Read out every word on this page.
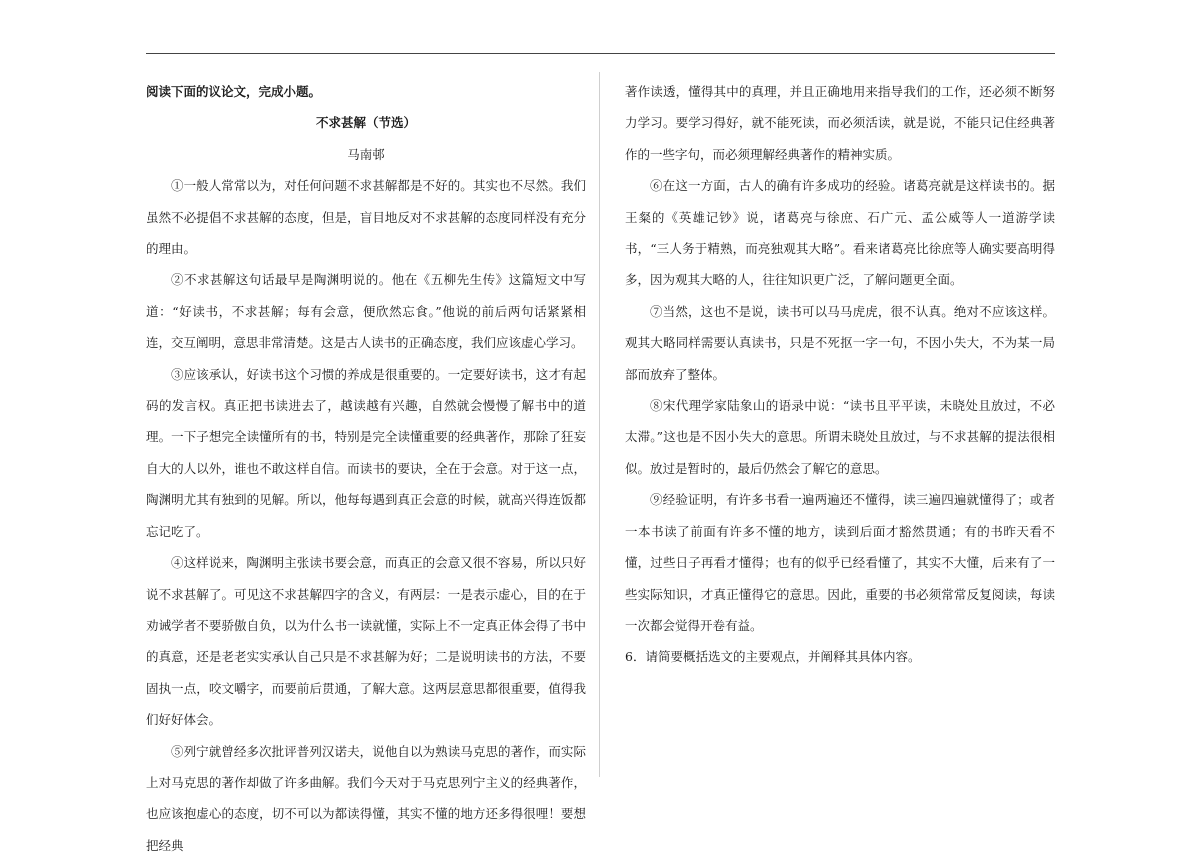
阅读下面的议论文，完成小题。

不求甚解（节选）

马南邨

①一般人常常以为，对任何问题不求甚解都是不好的。其实也不尽然。我们虽然不必提倡不求甚解的态度，但是，盲目地反对不求甚解的态度同样没有充分的理由。

②不求甚解这句话最早是陶渊明说的。他在《五柳先生传》这篇短文中写道：“好读书，不求甚解；每有会意，便欣然忘食。”他说的前后两句话紧紧相连，交互阐明，意思非常清楚。这是古人读书的正确态度，我们应该虚心学习。

③应该承认，好读书这个习惯的养成是很重要的。一定要好读书，这才有起码的发言权。真正把书读进去了，越读越有兴趣，自然就会慢慢了解书中的道理。一下子想完全读懂所有的书，特别是完全读懂重要的经典著作，那除了狂妄自大的人以外，谁也不敢这样自信。而读书的要诀，全在于会意。对于这一点，陶渊明尤其有独到的见解。所以，他每每遇到真正会意的时候，就高兴得连饭都忘记吃了。

④这样说来，陶渊明主张读书要会意，而真正的会意又很不容易，所以只好说不求甚解了。可见这不求甚解四字的含义，有两层：一是表示虚心，目的在于劝诫学者不要骄傲自负，以为什么书一读就懂，实际上不一定真正体会得了书中的真意，还是老老实实承认自己只是不求甚解为好；二是说明读书的方法，不要固执一点，咬文嚼字，而要前后贯通，了解大意。这两层意思都很重要，值得我们好好体会。

⑤列宁就曾经多次批评普列汉诺夫，说他自以为熟读马克思的著作，而实际上对马克思的著作却做了许多曲解。我们今天对于马克思列宁主义的经典著作，也应该抱虚心的态度，切不可以为都读得懂，其实不懂的地方还多得很哩！要想把经典

著作读透，懂得其中的真理，并且正确地用来指导我们的工作，还必须不断努力学习。要学习得好，就不能死读，而必须活读，就是说，不能只记住经典著作的一些字句，而必须理解经典著作的精神实质。

⑥在这一方面，古人的确有许多成功的经验。诸葛亮就是这样读书的。据王粲的《英雄记钞》说，诸葛亮与徐庶、石广元、孟公威等人一道游学读书，“三人务于精熟，而亮独观其大略”。看来诸葛亮比徐庶等人确实要高明得多，因为观其大略的人，往往知识更广泛，了解问题更全面。

⑦当然，这也不是说，读书可以马马虎虎，很不认真。绝对不应该这样。观其大略同样需要认真读书，只是不死抠一字一句，不因小失大，不为某一局部而放弃了整体。

⑧宋代理学家陆象山的语录中说：“读书且平平读，未晓处且放过，不必太滞。”这也是不因小失大的意思。所谓未晓处且放过，与不求甚解的提法很相似。放过是暂时的，最后仍然会了解它的意思。

⑨经验证明，有许多书看一遍两遍还不懂得，读三遍四遍就懂得了；或者一本书读了前面有许多不懂的地方，读到后面才豁然贯通；有的书昨天看不懂，过些日子再看才懂得；也有的似乎已经看懂了，其实不大懂，后来有了一些实际知识，才真正懂得它的意思。因此，重要的书必须常常反复阅读，每读一次都会觉得开卷有益。

6．请简要概括选文的主要观点，并阐释其具体内容。
